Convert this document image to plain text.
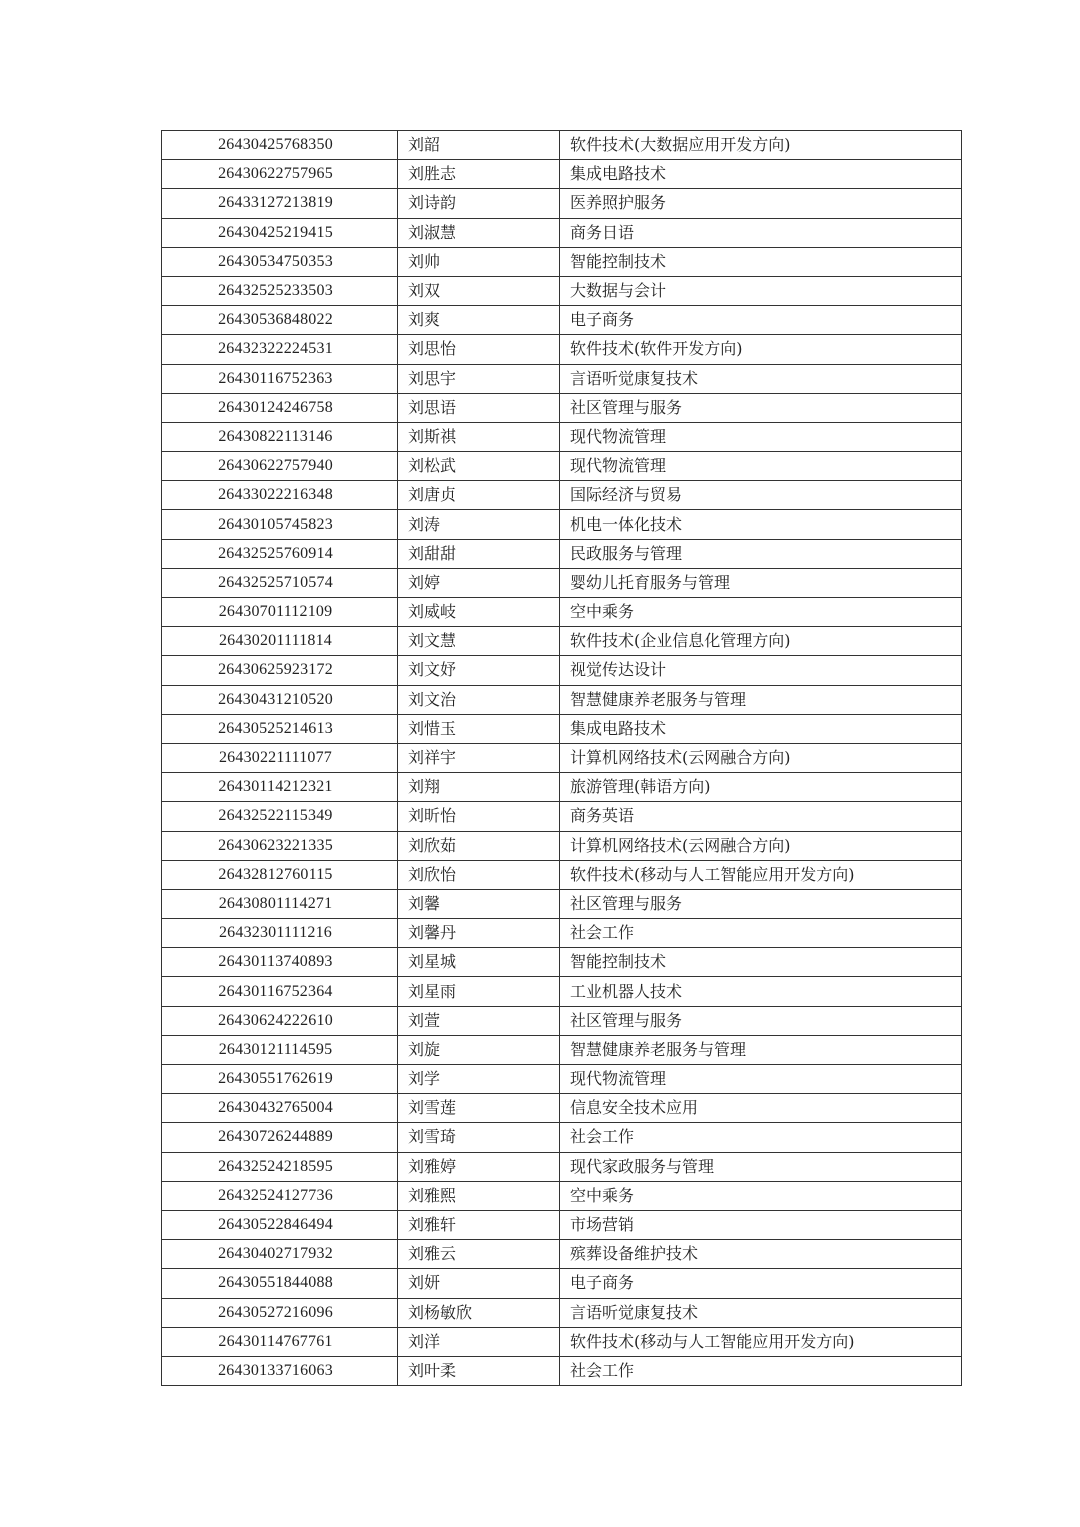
26430425768350	刘韶	软件技术(大数据应用开发方向)
26430622757965	刘胜志	集成电路技术
26433127213819	刘诗韵	医养照护服务
26430425219415	刘淑慧	商务日语
26430534750353	刘帅	智能控制技术
26432525233503	刘双	大数据与会计
26430536848022	刘爽	电子商务
26432322224531	刘思怡	软件技术(软件开发方向)
26430116752363	刘思宇	言语听觉康复技术
26430124246758	刘思语	社区管理与服务
26430822113146	刘斯祺	现代物流管理
26430622757940	刘松武	现代物流管理
26433022216348	刘唐贞	国际经济与贸易
26430105745823	刘涛	机电一体化技术
26432525760914	刘甜甜	民政服务与管理
26432525710574	刘婷	婴幼儿托育服务与管理
26430701112109	刘威岐	空中乘务
26430201111814	刘文慧	软件技术(企业信息化管理方向)
26430625923172	刘文妤	视觉传达设计
26430431210520	刘文治	智慧健康养老服务与管理
26430525214613	刘惜玉	集成电路技术
26430221111077	刘祥宇	计算机网络技术(云网融合方向)
26430114212321	刘翔	旅游管理(韩语方向)
26432522115349	刘昕怡	商务英语
26430623221335	刘欣茹	计算机网络技术(云网融合方向)
26432812760115	刘欣怡	软件技术(移动与人工智能应用开发方向)
26430801114271	刘馨	社区管理与服务
26432301111216	刘馨丹	社会工作
26430113740893	刘星城	智能控制技术
26430116752364	刘星雨	工业机器人技术
26430624222610	刘萱	社区管理与服务
26430121114595	刘旋	智慧健康养老服务与管理
26430551762619	刘学	现代物流管理
26430432765004	刘雪莲	信息安全技术应用
26430726244889	刘雪琦	社会工作
26432524218595	刘雅婷	现代家政服务与管理
26432524127736	刘雅熙	空中乘务
26430522846494	刘雅轩	市场营销
26430402717932	刘雅云	殡葬设备维护技术
26430551844088	刘妍	电子商务
26430527216096	刘杨敏欣	言语听觉康复技术
26430114767761	刘洋	软件技术(移动与人工智能应用开发方向)
26430133716063	刘叶柔	社会工作
